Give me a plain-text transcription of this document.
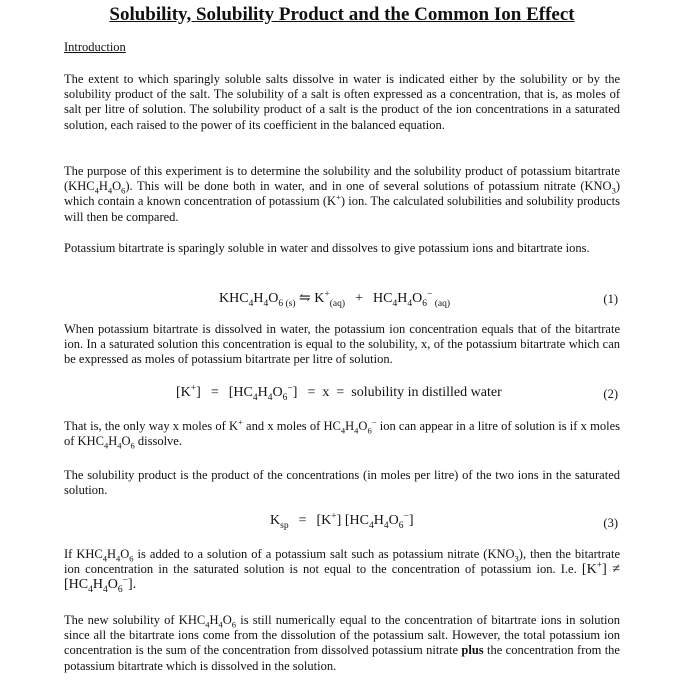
Solubility, Solubility Product and the Common Ion Effect
Introduction

The extent to which sparingly soluble salts dissolve in water is indicated either by the solubility or by the solubility product of the salt. The solubility of a salt is often expressed as a concentration, that is, as moles of salt per litre of solution. The solubility product of a salt is the product of the ion concentrations in a saturated solution, each raised to the power of its coefficient in the balanced equation.

The purpose of this experiment is to determine the solubility and the solubility product of potassium bitartrate $(KHC_4H_4O_6)$. This will be done both in water, and in one of several solutions of potassium nitrate $(KNO_3)$ which contain a known concentration of potassium (K+) ion. The calculated solubilities and solubility products will then be compared.

Potassium bitartrate is sparingly soluble in water and dissolves to give potassium ions and bitartrate ions.

$KHC_4H_4O_6$ $_{(s)}$ ⇋ $K^+_{(aq)} + HC_4H_4O_6^-$ $_{(aq)}$	(1)

When potassium bitartrate is dissolved in water, the potassium ion concentration equals that of the bitartrate ion. In a saturated solution this concentration is equal to the solubility, x, of the potassium bitartrate which can be expressed as moles of potassium bitartrate per litre of solution.

$[K^+] = [HC_4H_4O_6^-] = x$  =  solubility in distilled water	(2)

That is, the only way x moles of K+ and x moles of $HC_4H_4O_6^-$ ion can appear in a litre of solution is if x moles of $KHC_4H_4O_6$ dissolve.

The solubility product is the product of the concentrations (in moles per litre) of the two ions in the saturated solution.

$K_{sp} = [K^+]$ $[HC_4H_4O_6^-]$	(3)

If $KHC_4H_4O_6$ is added to a solution of a potassium salt such as potassium nitrate $(KNO_3)$, then the bitartrate ion concentration in the saturated solution is not equal to the concentration of potassium ion. I.e. $[K^+] \ne [HC_4H_4O_6^-]$.

The new solubility of $KHC_4H_4O_6$ is still numerically equal to the concentration of bitartrate ions in solution since all the bitartrate ions come from the dissolution of the potassium salt. However, the total potassium ion concentration is the sum of the concentration from dissolved potassium nitrate plus the concentration from the potassium bitartrate which is dissolved in the solution.
